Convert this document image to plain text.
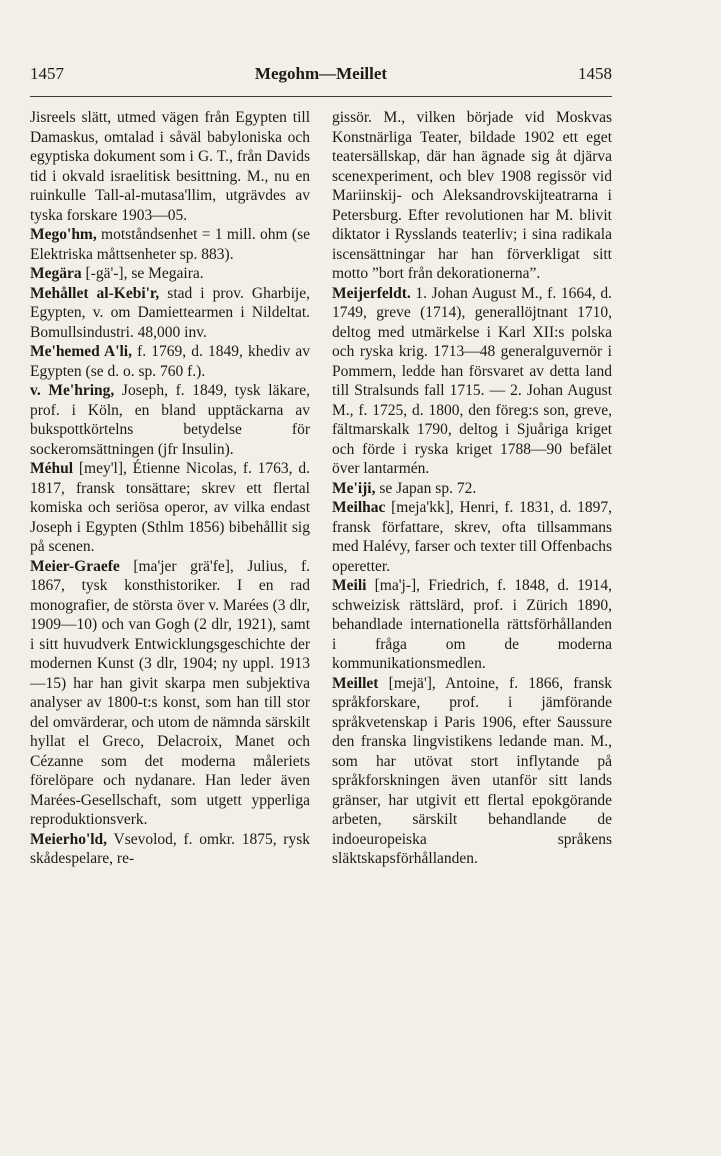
1457	Megohm—Meillet	1458

Jisreels slätt, utmed vägen från Egypten till Damaskus, omtalad i såväl babyloniska och egyptiska dokument som i G. T., från Davids tid i okvald israelitisk besittning. M., nu en ruinkulle Tall-al-mutasa'llim, utgrävdes av tyska forskare 1903—05.

Mego'hm, motståndsenhet = 1 mill. ohm (se Elektriska måttsenheter sp. 883).

Megära [-gä'-], se Megaira.

Mehållet al-Kebi'r, stad i prov. Gharbije, Egypten, v. om Damiettearmen i Nildeltat. Bomullsindustri. 48,000 inv.

Me'hemed A'li, f. 1769, d. 1849, khediv av Egypten (se d. o. sp. 760 f.).

v. Me'hring, Joseph, f. 1849, tysk läkare, prof. i Köln, en bland upptäckarna av bukspottkörtelns betydelse för sockeromsättningen (jfr Insulin).

Méhul [mey'l], Étienne Nicolas, f. 1763, d. 1817, fransk tonsättare; skrev ett flertal komiska och seriösa operor, av vilka endast Joseph i Egypten (Sthlm 1856) bibehållit sig på scenen.

Meier-Graefe [ma'jer grä'fe], Julius, f. 1867, tysk konsthistoriker. I en rad monografier, de största över v. Marées (3 dlr, 1909—10) och van Gogh (2 dlr, 1921), samt i sitt huvudverk Entwicklungsgeschichte der modernen Kunst (3 dlr, 1904; ny uppl. 1913—15) har han givit skarpa men subjektiva analyser av 1800-t:s konst, som han till stor del omvärderar, och utom de nämnda särskilt hyllat el Greco, Delacroix, Manet och Cézanne som det moderna måleriets förelöpare och nydanare. Han leder även Marées-Gesellschaft, som utgett ypperliga reproduktionsverk.

Meierho'ld, Vsevolod, f. omkr. 1875, rysk skådespelare, re-

gissör. M., vilken började vid Moskvas Konstnärliga Teater, bildade 1902 ett eget teatersällskap, där han ägnade sig åt djärva scenexperiment, och blev 1908 regissör vid Mariinskij- och Aleksandrovskijteatrarna i Petersburg. Efter revolutionen har M. blivit diktator i Rysslands teaterliv; i sina radikala iscensättningar har han förverkligat sitt motto ”bort från dekorationerna”.

Meijerfeldt. 1. Johan August M., f. 1664, d. 1749, greve (1714), generallöjtnant 1710, deltog med utmärkelse i Karl XII:s polska och ryska krig. 1713—48 generalguvernör i Pommern, ledde han försvaret av detta land till Stralsunds fall 1715. — 2. Johan August M., f. 1725, d. 1800, den föreg:s son, greve, fältmarskalk 1790, deltog i Sjuåriga kriget och förde i ryska kriget 1788—90 befälet över lantarmén.

Me'iji, se Japan sp. 72.

Meilhac [meja'kk], Henri, f. 1831, d. 1897, fransk författare, skrev, ofta tillsammans med Halévy, farser och texter till Offenbachs operetter.

Meili [ma'j-], Friedrich, f. 1848, d. 1914, schweizisk rättslärd, prof. i Zürich 1890, behandlade internationella rättsförhållanden i fråga om de moderna kommunikationsmedlen.

Meillet [mejä'], Antoine, f. 1866, fransk språkforskare, prof. i jämförande språkvetenskap i Paris 1906, efter Saussure den franska lingvistikens ledande man. M., som har utövat stort inflytande på språkforskningen även utanför sitt lands gränser, har utgivit ett flertal epokgörande arbeten, särskilt behandlande de indoeuropeiska språkens släktskapsförhållanden.
